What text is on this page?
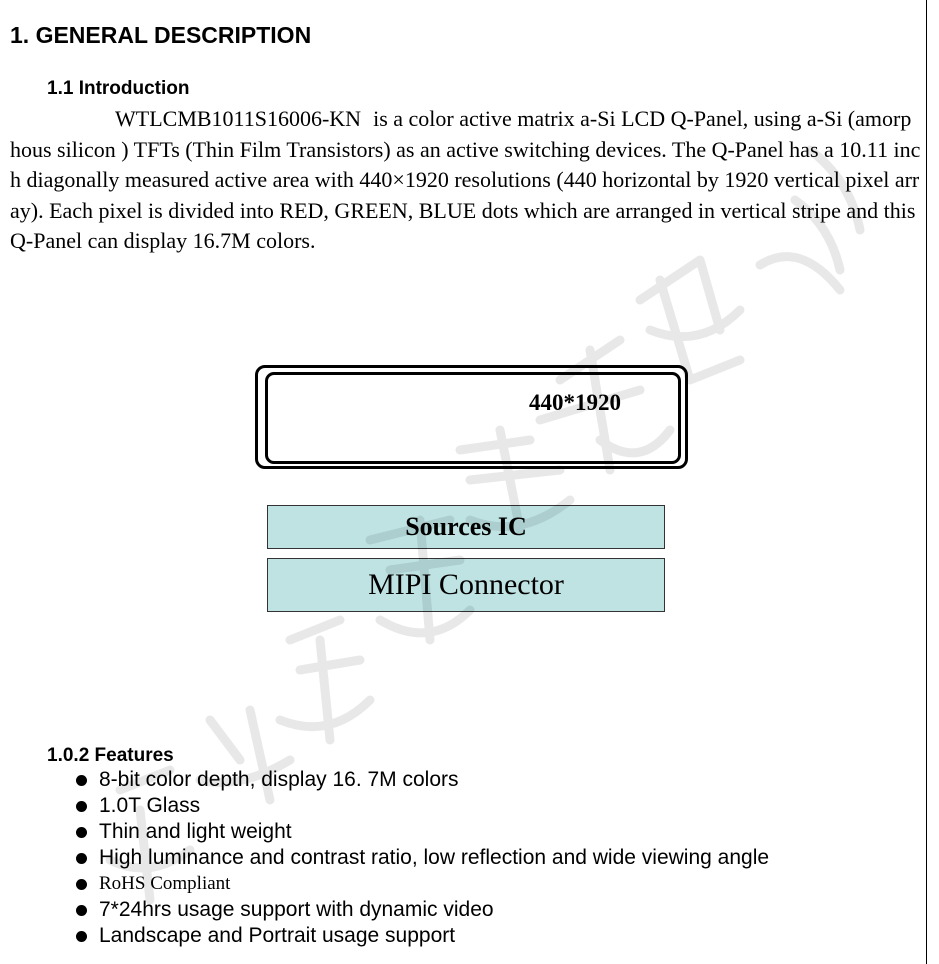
1. GENERAL DESCRIPTION
1.1 Introduction

WTLCMB1011S16006-KN is a color active matrix a-Si LCD Q-Panel, using a-Si (amorphous silicon ) TFTs (Thin Film Transistors) as an active switching devices. The Q-Panel has a 10.11 inch diagonally measured active area with 440×1920 resolutions (440 horizontal by 1920 vertical pixel array). Each pixel is divided into RED, GREEN, BLUE dots which are arranged in vertical stripe and this Q-Panel can display 16.7M colors.

440*1920
Sources IC
MIPI Connector
1.0.2 Features
8-bit color depth, display 16. 7M colors
1.0T Glass
Thin and light weight
High luminance and contrast ratio, low reflection and wide viewing angle
RoHS Compliant
7*24hrs usage support with dynamic video
Landscape and Portrait usage support
